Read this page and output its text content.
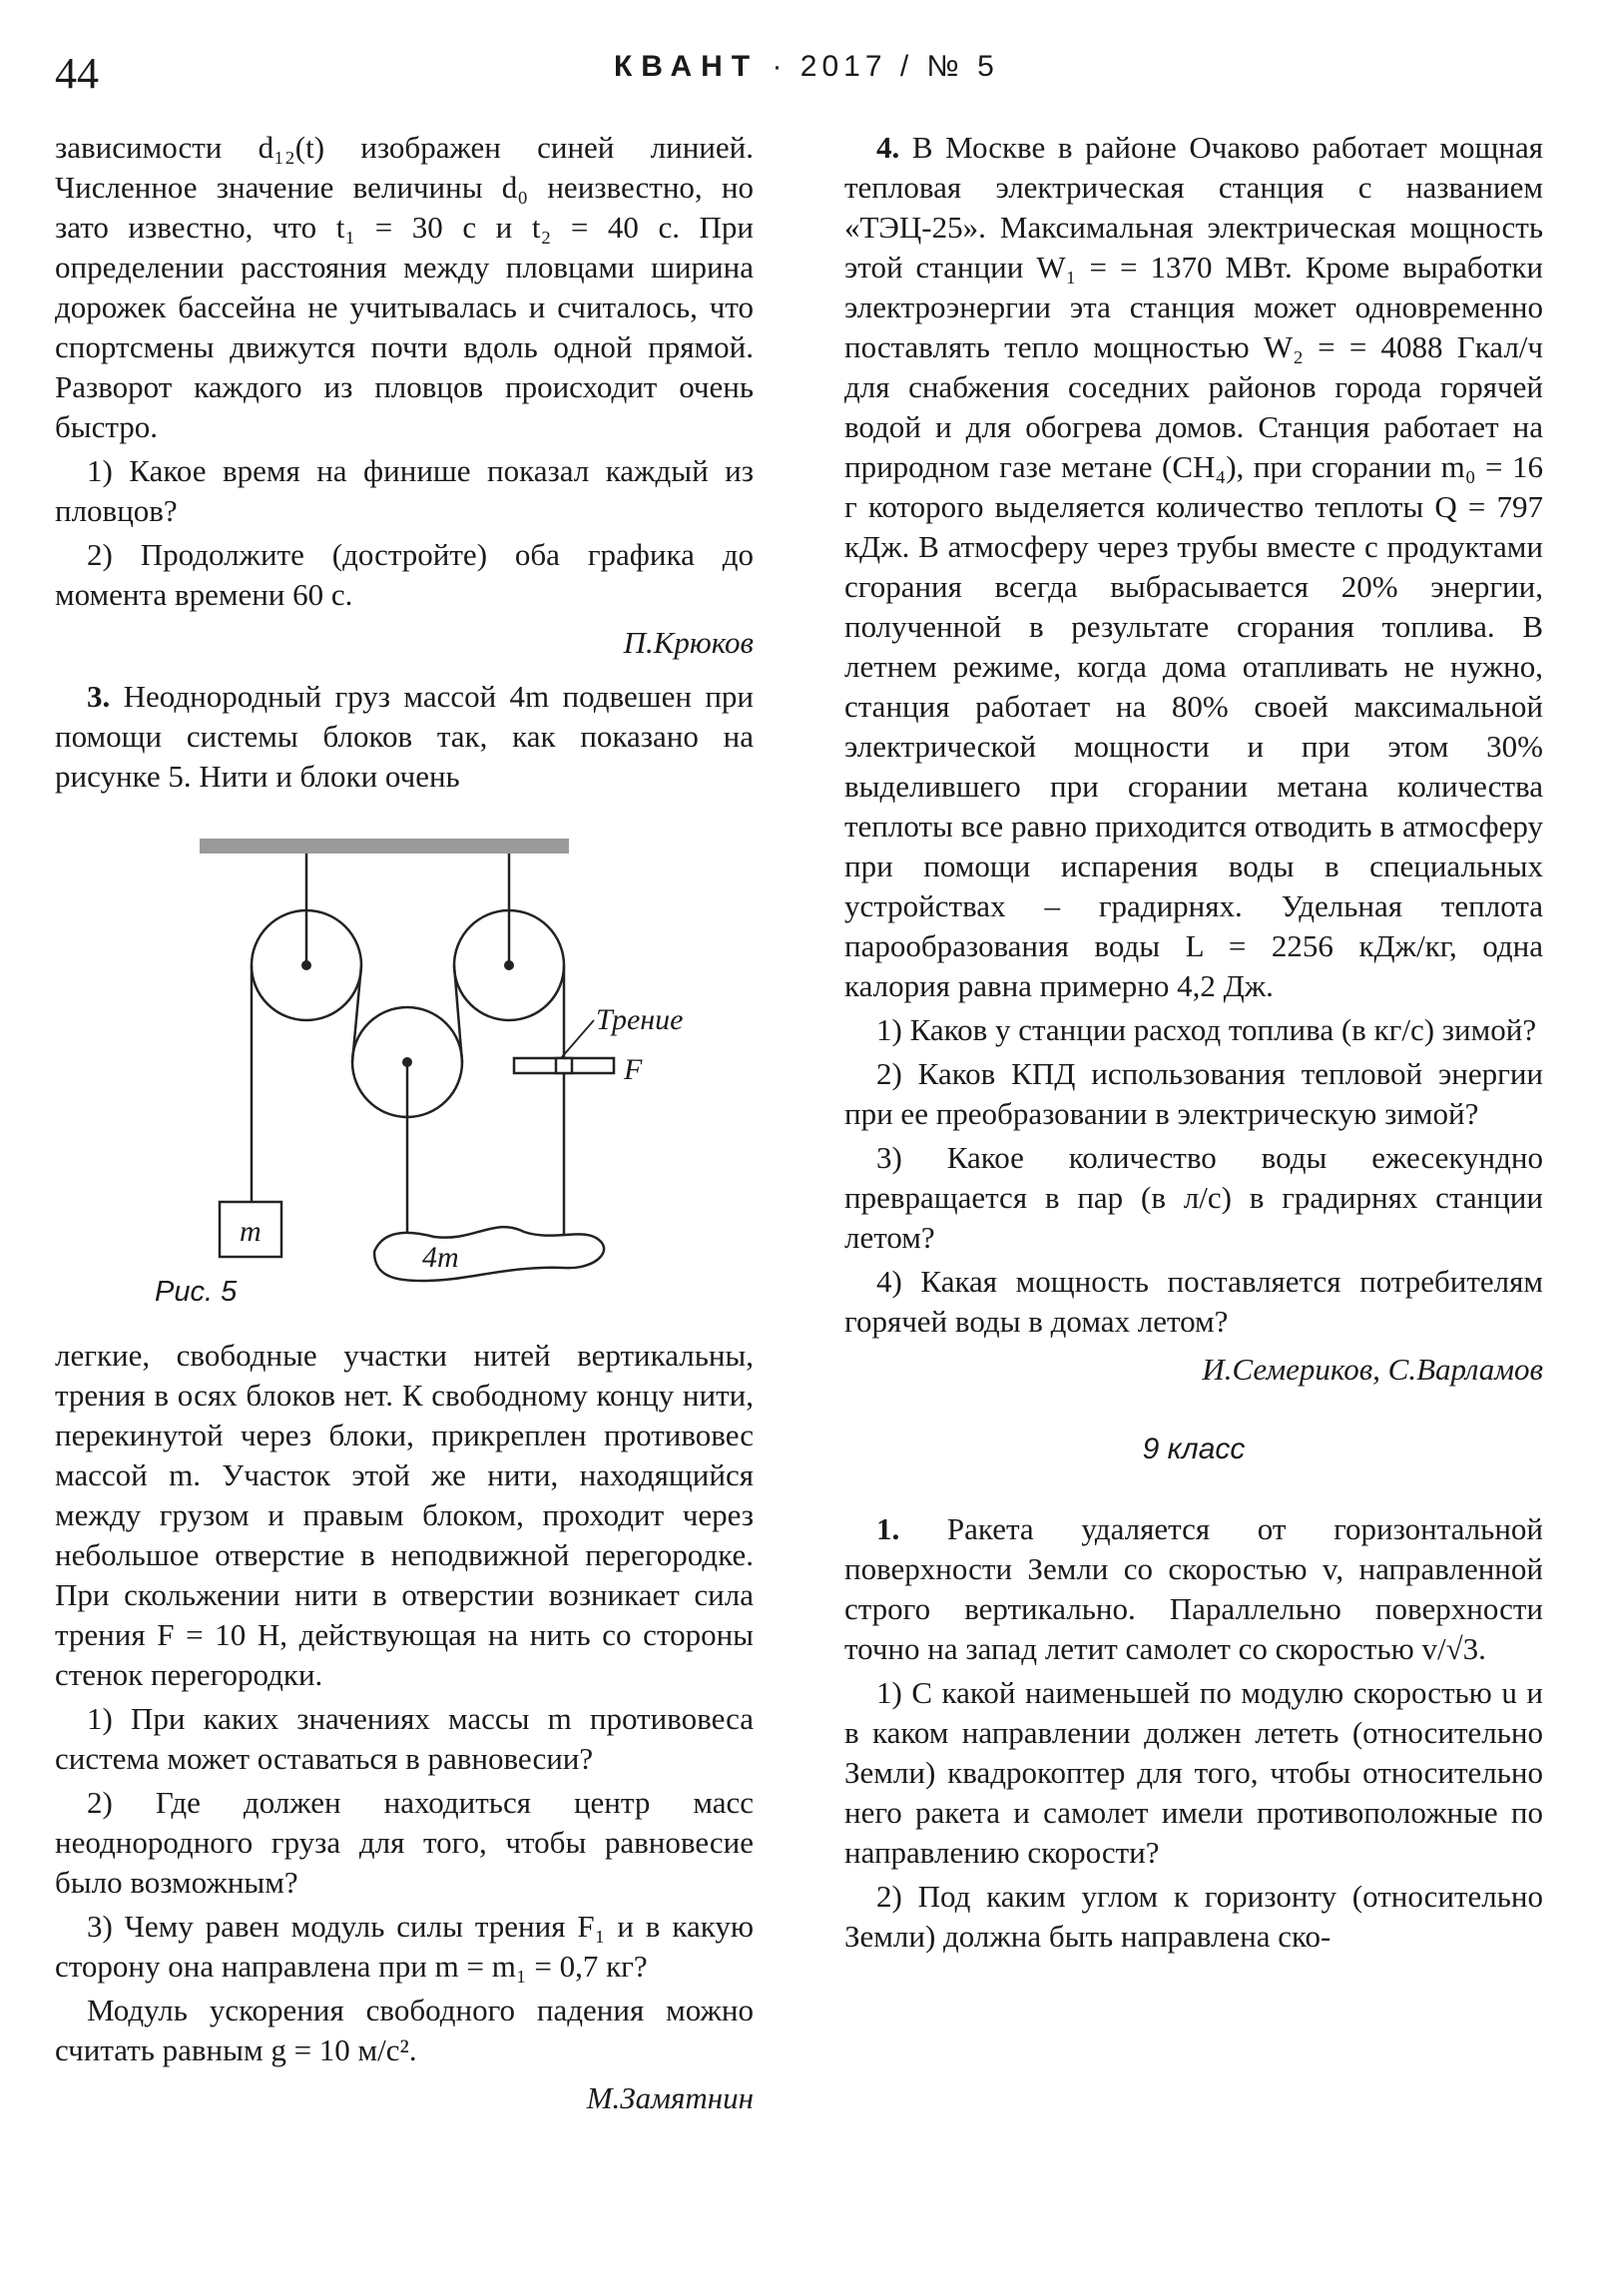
44	КВАНТ · 2017 / № 5

зависимости d₁₂(t) изображен синей линией. Численное значение величины d₀ неизвестно, но зато известно, что t₁ = 30 с и t₂ = 40 с. При определении расстояния между пловцами ширина дорожек бассейна не учитывалась и считалось, что спортсмены движутся почти вдоль одной прямой. Разворот каждого из пловцов происходит очень быстро.

1) Какое время на финише показал каждый из пловцов?

2) Продолжите (достройте) оба графика до момента времени 60 с.

П.Крюков

3. Неоднородный груз массой 4m подвешен при помощи системы блоков так, как показано на рисунке 5. Нити и блоки очень

Трение
F
m
4m
Рис. 5

легкие, свободные участки нитей вертикальны, трения в осях блоков нет. К свободному концу нити, перекинутой через блоки, прикреплен противовес массой m. Участок этой же нити, находящийся между грузом и правым блоком, проходит через небольшое отверстие в неподвижной перегородке. При скольжении нити в отверстии возникает сила трения F = 10 Н, действующая на нить со стороны стенок перегородки.

1) При каких значениях массы m противовеса система может оставаться в равновесии?

2) Где должен находиться центр масс неоднородного груза для того, чтобы равновесие было возможным?

3) Чему равен модуль силы трения F₁ и в какую сторону она направлена при m = m₁ = 0,7 кг?

Модуль ускорения свободного падения можно считать равным g = 10 м/с².

М.Замятнин

4. В Москве в районе Очаково работает мощная тепловая электрическая станция с названием «ТЭЦ-25». Максимальная электрическая мощность этой станции W₁ = = 1370 МВт. Кроме выработки электроэнергии эта станция может одновременно поставлять тепло мощностью W₂ = = 4088 Гкал/ч для снабжения соседних районов города горячей водой и для обогрева домов. Станция работает на природном газе метане (CH₄), при сгорании m₀ = 16 г которого выделяется количество теплоты Q = 797 кДж. В атмосферу через трубы вместе с продуктами сгорания всегда выбрасывается 20% энергии, полученной в результате сгорания топлива. В летнем режиме, когда дома отапливать не нужно, станция работает на 80% своей максимальной электрической мощности и при этом 30% выделившего при сгорании метана количества теплоты все равно приходится отводить в атмосферу при помощи испарения воды в специальных устройствах – градирнях. Удельная теплота парообразования воды L = 2256 кДж/кг, одна калория равна примерно 4,2 Дж.

1) Каков у станции расход топлива (в кг/с) зимой?

2) Каков КПД использования тепловой энергии при ее преобразовании в электрическую зимой?

3) Какое количество воды ежесекундно превращается в пар (в л/с) в градирнях станции летом?

4) Какая мощность поставляется потребителям горячей воды в домах летом?

И.Семериков, С.Варламов

9 класс

1. Ракета удаляется от горизонтальной поверхности Земли со скоростью v, направленной строго вертикально. Параллельно поверхности точно на запад летит самолет со скоростью v/√3.

1) С какой наименьшей по модулю скоростью u и в каком направлении должен лететь (относительно Земли) квадрокоптер для того, чтобы относительно него ракета и самолет имели противоположные по направлению скорости?

2) Под каким углом к горизонту (относительно Земли) должна быть направлена ско-
